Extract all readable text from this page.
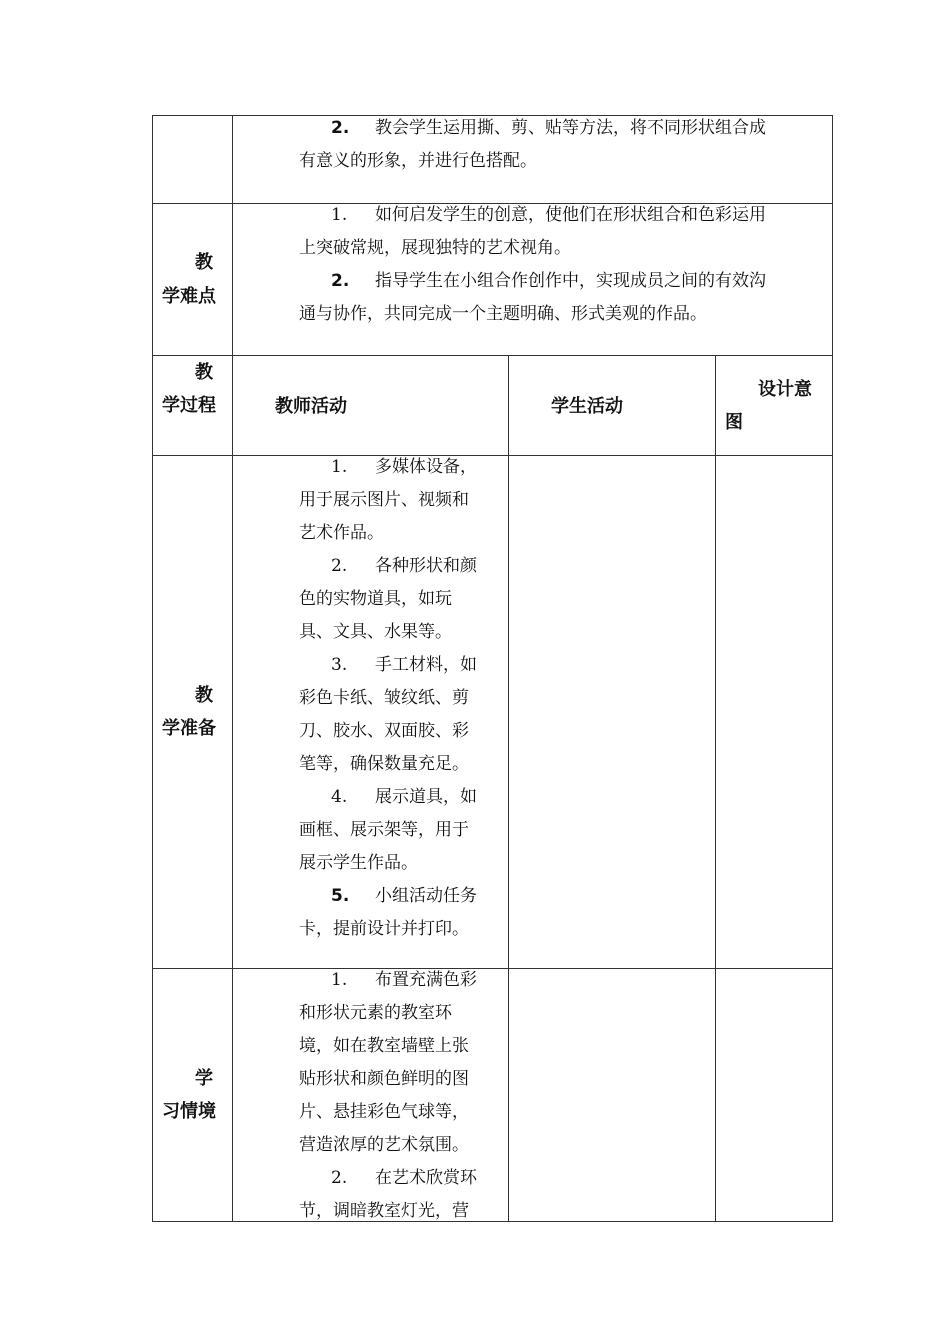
2. 教会学生运用撕、剪、贴等方法，将不同形状组合成
有意义的形象，并进行色搭配。
教
学难点
1. 如何启发学生的创意，使他们在形状组合和色彩运用
上突破常规，展现独特的艺术视角。
2. 指导学生在小组合作创作中，实现成员之间的有效沟
通与协作，共同完成一个主题明确、形式美观的作品。
教
学过程	教师活动	学生活动
设计意
图
教
学准备
1. 多媒体设备，
用于展示图片、视频和
艺术作品。
2. 各种形状和颜
色的实物道具，如玩
具、文具、水果等。
3. 手工材料，如
彩色卡纸、皱纹纸、剪
刀、胶水、双面胶、彩
笔等，确保数量充足。
4. 展示道具，如
画框、展示架等，用于
展示学生作品。
5. 小组活动任务
卡，提前设计并打印。
学
习情境
1. 布置充满色彩
和形状元素的教室环
境，如在教室墙壁上张
贴形状和颜色鲜明的图
片、悬挂彩色气球等，
营造浓厚的艺术氛围。
2. 在艺术欣赏环
节，调暗教室灯光，营
